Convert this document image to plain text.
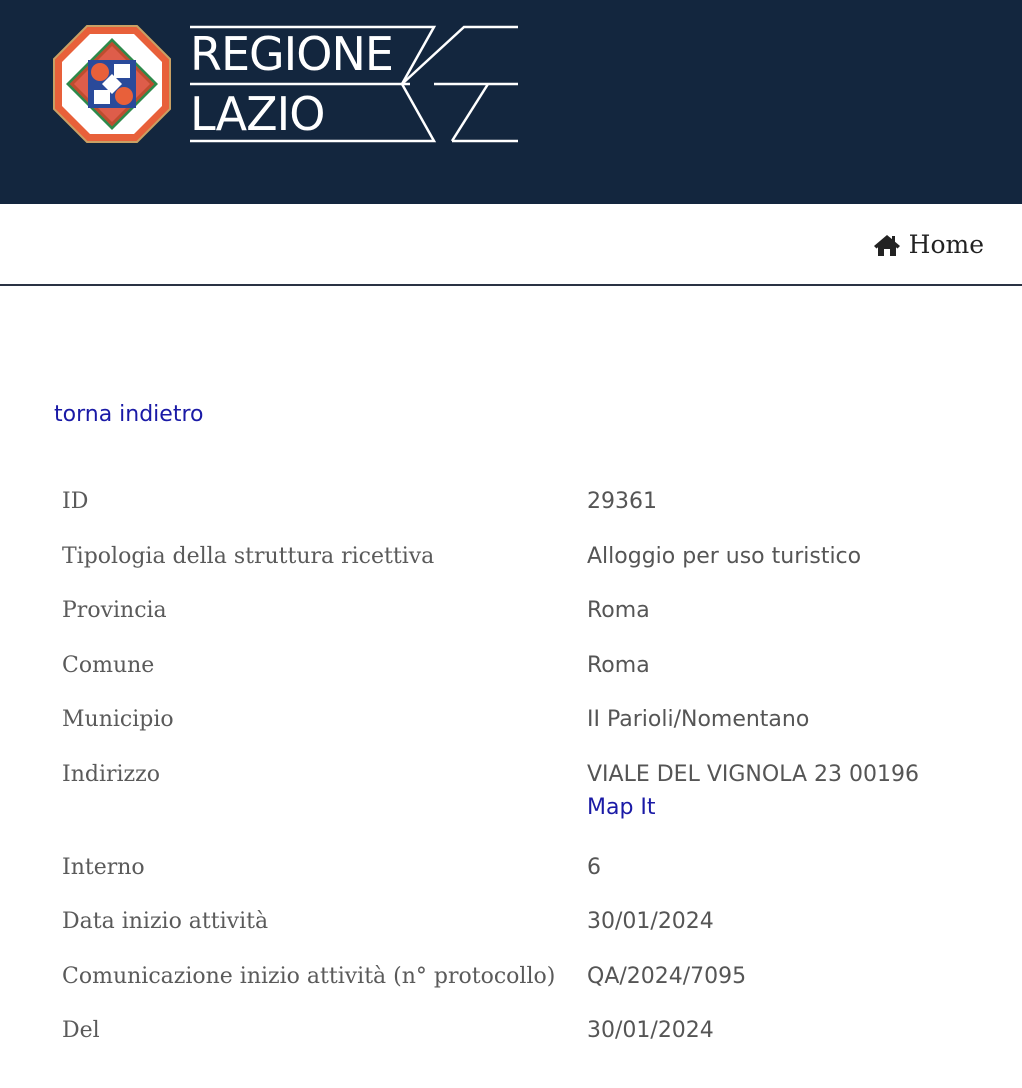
REGIONE
LAZIO
Home
torna indietro
ID	29361
Tipologia della struttura ricettiva	Alloggio per uso turistico
Provincia	Roma
Comune	Roma
Municipio	II Parioli/Nomentano
Indirizzo	VIALE DEL VIGNOLA 23 00196
Map It
Interno	6
Data inizio attività	30/01/2024
Comunicazione inizio attività (n° protocollo)	QA/2024/7095
Del	30/01/2024
